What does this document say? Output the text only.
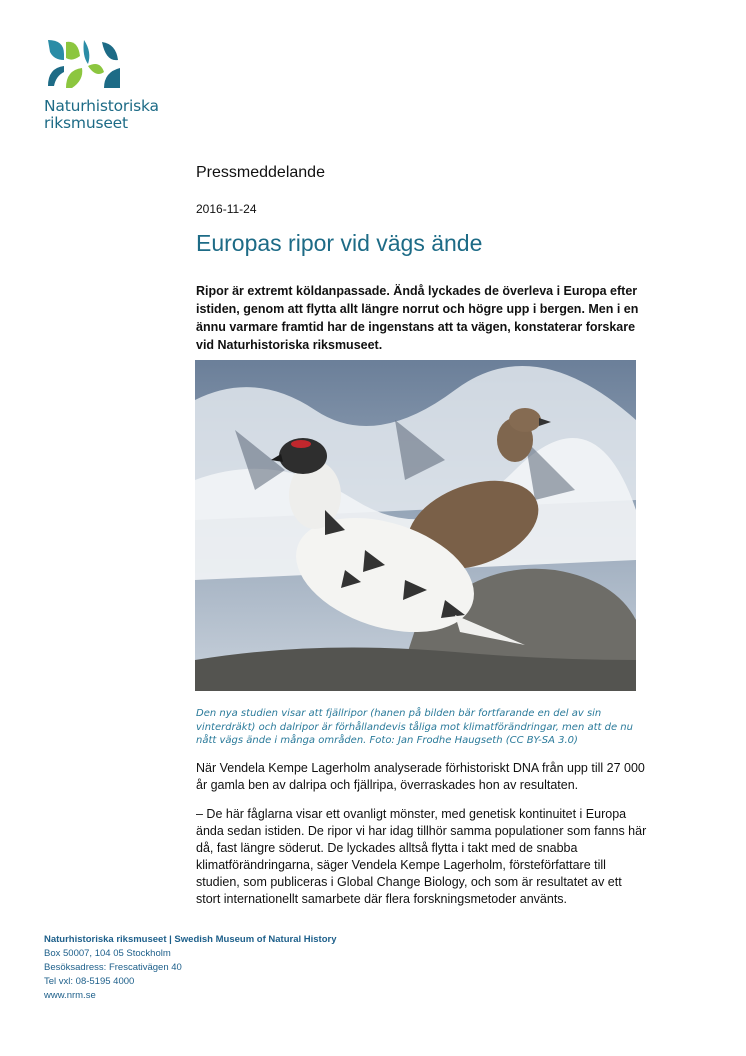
Naturhistoriska
riksmuseet
Pressmeddelande
2016-11-24
Europas ripor vid vägs ände

Ripor är extremt köldanpassade. Ändå lyckades de överleva i Europa efter istiden, genom att flytta allt längre norrut och högre upp i bergen. Men i en ännu varmare framtid har de ingenstans att ta vägen, konstaterar forskare vid Naturhistoriska riksmuseet.

Den nya studien visar att fjällripor (hanen på bilden bär fortfarande en del av sin vinterdräkt) och dalripor är förhållandevis tåliga mot klimatförändringar, men att de nu nått vägs ände i många områden. Foto: Jan Frodhe Haugseth (CC BY-SA 3.0)

När Vendela Kempe Lagerholm analyserade förhistoriskt DNA från upp till 27 000 år gamla ben av dalripa och fjällripa, överraskades hon av resultaten.

– De här fåglarna visar ett ovanligt mönster, med genetisk kontinuitet i Europa ända sedan istiden. De ripor vi har idag tillhör samma populationer som fanns här då, fast längre söderut. De lyckades alltså flytta i takt med de snabba klimatförändringarna, säger Vendela Kempe Lagerholm, försteförfattare till studien, som publiceras i Global Change Biology, och som är resultatet av ett stort internationellt samarbete där flera forskningsmetoder använts.

Naturhistoriska riksmuseet | Swedish Museum of Natural History
Box 50007, 104 05 Stockholm
Besöksadress: Frescativägen 40
Tel vxl: 08-5195 4000
www.nrm.se
